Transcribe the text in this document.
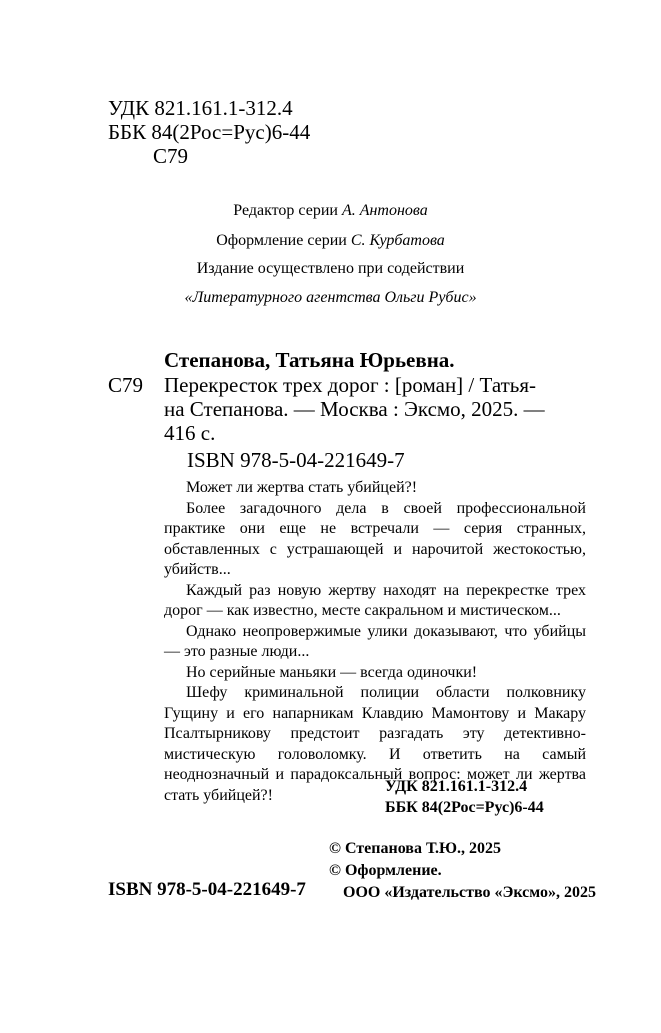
УДК 821.161.1-312.4
ББК 84(2Рос=Рус)6-44
С79
Редактор серии А. Антонова
Оформление серии С. Курбатова
Издание осуществлено при содействии
«Литературного агентства Ольги Рубис»
Степанова, Татьяна Юрьевна.
С79 Перекресток трех дорог : [роман] / Татья-
на Степанова. — Москва : Эксмо, 2025. —
416 с.
ISBN 978-5-04-221649-7

Может ли жертва стать убийцей?!

Более загадочного дела в своей профессиональной практике они еще не встречали — серия странных, обставленных с устрашающей и нарочитой жестокостью, убийств...

Каждый раз новую жертву находят на перекрестке трех дорог — как известно, месте сакральном и мистическом...

Однако неопровержимые улики доказывают, что убийцы — это разные люди...

Но серийные маньяки — всегда одиночки!

Шефу криминальной полиции области полковнику Гущину и его напарникам Клавдию Мамонтову и Макару Псалтырникову предстоит разгадать эту детективно-мистическую головоломку. И ответить на самый неоднозначный и парадоксальный вопрос: может ли жертва стать убийцей?!	УДК 821.161.1-312.4
ББК 84(2Рос=Рус)6-44
© Степанова Т.Ю., 2025
© Оформление.
ISBN 978-5-04-221649-7 ООО «Издательство «Эксмо», 2025
